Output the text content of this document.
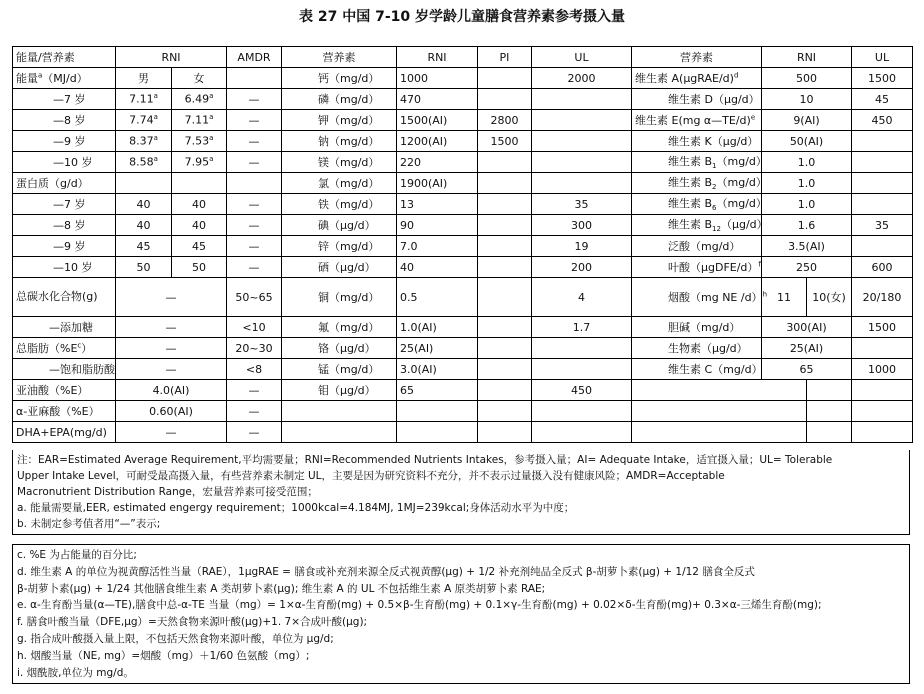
表 27 中国 7-10 岁学龄儿童膳食营养素参考摄入量
能量/营养素	RNI		AMDR	营养素	RNI	PI	UL	营养素	RNI		UL
能量$^a$（MJ/d）	男	女		钙（mg/d）	1000		2000	维生素 A(μgRAE/d)$^d$	500		1500
—7 岁	7.11$^a$	6.49$^a$	—	磷（mg/d）	470			维生素 D（μg/d）	10		45
—8 岁	7.74$^a$	7.11$^a$	—	钾（mg/d）	1500(AI)	2800		维生素 E(mg α—TE/d)$^e$	9(AI)		450
—9 岁	8.37$^a$	7.53$^a$	—	钠（mg/d）	1200(AI)	1500		维生素 K（μg/d）	50(AI)		
—10 岁	8.58$^a$	7.95$^a$	—	镁（mg/d）	220			维生素 $B_1(mg/d)$	1.0		
蛋白质（g/d）				氯（mg/d）	1900(AI)			维生素 $B_2(mg/d)$	1.0		
—7 岁	40	40	—	铁（mg/d）	13		35	维生素 $B_6(mg/d)$	1.0		
—8 岁	40	40	—	碘（μg/d）	90		300	维生素 $B_{12}(\mu g/d)$	1.6		35
—9 岁	45	45	—	锌（mg/d）	7.0		19	泛酸（mg/d）	3.5(AI)		
—10 岁	50	50	—	硒（μg/d）	40		200	叶酸（μgDFE/d）$^f$	250		600
总碳水化合物(g)	—		50~65	铜（mg/d）	0.5		4	烟酸（mg NE /d）$^h$	11	10(女)	20/180
—添加糖	—		<10	氟（mg/d）	1.0(AI)		1.7	胆碱（mg/d）	300(AI)		1500
总脂肪$(\%E^c)$	—		20~30	铬（μg/d）	25(AI)			生物素（μg/d）	25(AI)		
—饱和脂肪酸	—		<8	锰（mg/d）	3.0(AI)			维生素 C（mg/d）	65		1000
亚油酸（%E）	4.0(AI)		—	钼（μg/d）	65		450				
α-亚麻酸（%E）	0.60(AI)		—								
DHA+EPA(mg/d)	—		—								
注：EAR=Estimated Average Requirement,平均需要量；RNI=Recommended Nutrients Intakes，参考摄入量；AI= Adequate Intake，适宜摄入量；UL= Tolerable
Upper Intake Level，可耐受最高摄入量，有些营养素未制定 UL，主要是因为研究资料不充分，并不表示过量摄入没有健康风险；AMDR=Acceptable
Macronutrient Distribution Range，宏量营养素可接受范围；
a. 能量需要量,EER, estimated engergy requirement；1000kcal=4.184MJ, 1MJ=239kcal;身体活动水平为中度；
b. 未制定参考值者用“—”表示;
c. %E 为占能量的百分比;
d. 维生素 A 的单位为视黄醇活性当量（RAE），1μgRAE = 膳食或补充剂来源全反式视黄醇(μg) + 1/2 补充剂纯品全反式 β-胡萝卜素(μg) + 1/12 膳食全反式
β-胡萝卜素(μg) + 1/24 其他膳食维生素 A 类胡萝卜素(μg); 维生素 A 的 UL 不包括维生素 A 原类胡萝卜素 RAE;
e. α-生育酚当量(α—TE),膳食中总-α-TE 当量（mg）= 1×α-生育酚(mg) + 0.5×β-生育酚(mg) + 0.1×γ-生育酚(mg) + 0.02×δ-生育酚(mg)+ 0.3×α-三烯生育酚(mg);
f. 膳食叶酸当量（DFE,μg）=天然食物来源叶酸(μg)+1. 7×合成叶酸(μg);
g. 指合成叶酸摄入量上限，不包括天然食物来源叶酸，单位为 μg/d;
h. 烟酸当量（NE, mg）=烟酸（mg）＋1/60 色氨酸（mg）;
i. 烟酰胺,单位为 mg/d。
